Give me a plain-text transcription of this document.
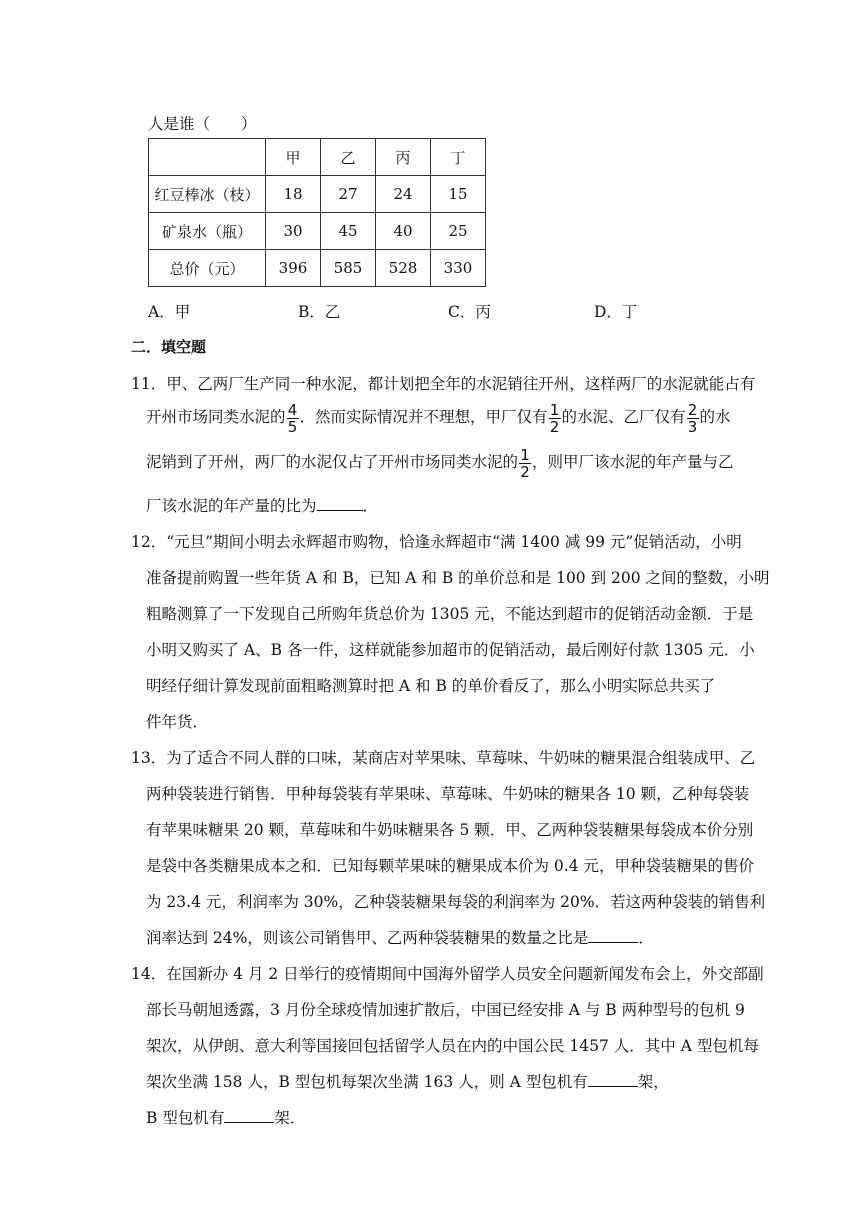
人是谁（　　）
	甲	乙	丙	丁
红豆棒冰（枝）	18	27	24	15
矿泉水（瓶）	30	45	40	25
总价（元）	396	585	528	330
A．甲	B．乙	C．丙	D．丁
二．填空题
11．甲、乙两厂生产同一种水泥，都计划把全年的水泥销往开州，这样两厂的水泥就能占有
开州市场同类水泥的 $\frac{4}{5}$ ．然而实际情况并不理想，甲厂仅有 $\frac{1}{2}$ 的水泥、乙厂仅有 $\frac{2}{3}$ 的水
泥销到了开州，两厂的水泥仅占了开州市场同类水泥的 $\frac{1}{2}$ ，则甲厂该水泥的年产量与乙
厂该水泥的年产量的比为	．
12．“元旦”期间小明去永辉超市购物，恰逢永辉超市“满 1400 减 99 元”促销活动，小明
准备提前购置一些年货 A 和 B，已知 A 和 B 的单价总和是 100 到 200 之间的整数，小明
粗略测算了一下发现自己所购年货总价为 1305 元，不能达到超市的促销活动金额．于是
小明又购买了 A、B 各一件，这样就能参加超市的促销活动，最后刚好付款 1305 元．小
明经仔细计算发现前面粗略测算时把 A 和 B 的单价看反了，那么小明实际总共买了
件年货．
13．为了适合不同人群的口味，某商店对苹果味、草莓味、牛奶味的糖果混合组装成甲、乙
两种袋装进行销售．甲种每袋装有苹果味、草莓味、牛奶味的糖果各 10 颗，乙种每袋装
有苹果味糖果 20 颗，草莓味和牛奶味糖果各 5 颗．甲、乙两种袋装糖果每袋成本价分别
是袋中各类糖果成本之和．已知每颗苹果味的糖果成本价为 0.4 元，甲种袋装糖果的售价
为 23.4 元，利润率为 30%，乙种袋装糖果每袋的利润率为 20%．若这两种袋装的销售利
润率达到 24%，则该公司销售甲、乙两种袋装糖果的数量之比是	．
14．在国新办 4 月 2 日举行的疫情期间中国海外留学人员安全问题新闻发布会上，外交部副
部长马朝旭透露，3 月份全球疫情加速扩散后，中国已经安排 A 与 B 两种型号的包机 9
架次，从伊朗、意大利等国接回包括留学人员在内的中国公民 1457 人．其中 A 型包机每
架次坐满 158 人，B 型包机每架次坐满 163 人，则 A 型包机有	架，
B 型包机有	架．
